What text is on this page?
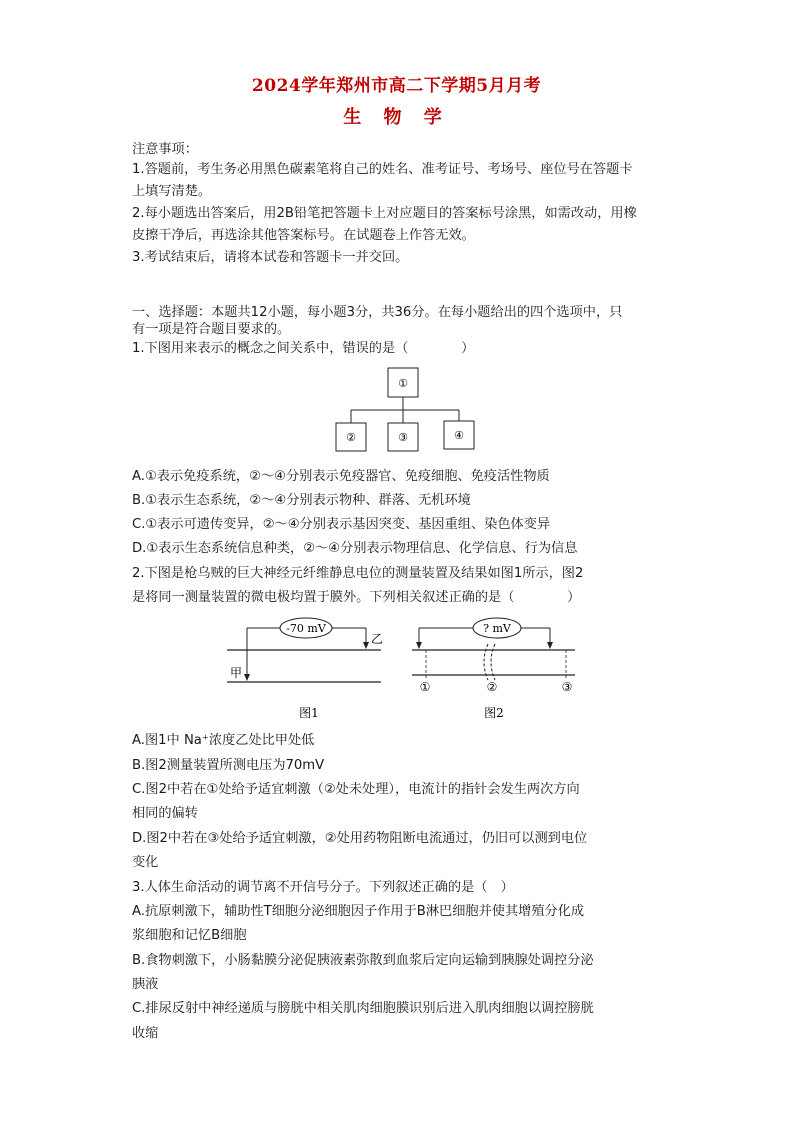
2024学年郑州市高二下学期5月月考
生 物 学
注意事项：
1.答题前，考生务必用黑色碳素笔将自己的姓名、准考证号、考场号、座位号在答题卡
上填写清楚。
2.每小题选出答案后，用2B铅笔把答题卡上对应题目的答案标号涂黑，如需改动，用橡
皮擦干净后，再选涂其他答案标号。在试题卷上作答无效。
3.考试结束后，请将本试卷和答题卡一并交回。
一、选择题：本题共12小题，每小题3分，共36分。在每小题给出的四个选项中，只
有一项是符合题目要求的。
1.下图用来表示的概念之间关系中，错误的是（　　　　）
①
②	③	④
A.①表示免疫系统，②～④分别表示免疫器官、免疫细胞、免疫活性物质
B.①表示生态系统，②～④分别表示物种、群落、无机环境
C.①表示可遗传变异，②～④分别表示基因突变、基因重组、染色体变异
D.①表示生态系统信息种类，②～④分别表示物理信息、化学信息、行为信息
2.下图是枪乌贼的巨大神经元纤维静息电位的测量装置及结果如图1所示，图2
是将同一测量装置的微电极均置于膜外。下列相关叙述正确的是（　　　　）
-70 mV
乙
甲
图1
? mV
①	②	③
图2
A.图1中 Na⁺浓度乙处比甲处低
B.图2测量装置所测电压为70mV
C.图2中若在①处给予适宜刺激（②处未处理），电流计的指针会发生两次方向
相同的偏转
D.图2中若在③处给予适宜刺激，②处用药物阻断电流通过，仍旧可以测到电位
变化
3.人体生命活动的调节离不开信号分子。下列叙述正确的是（　）
A.抗原刺激下，辅助性T细胞分泌细胞因子作用于B淋巴细胞并使其增殖分化成
浆细胞和记忆B细胞
B.食物刺激下，小肠黏膜分泌促胰液素弥散到血浆后定向运输到胰腺处调控分泌
胰液
C.排尿反射中神经递质与膀胱中相关肌肉细胞膜识别后进入肌肉细胞以调控膀胱
收缩
